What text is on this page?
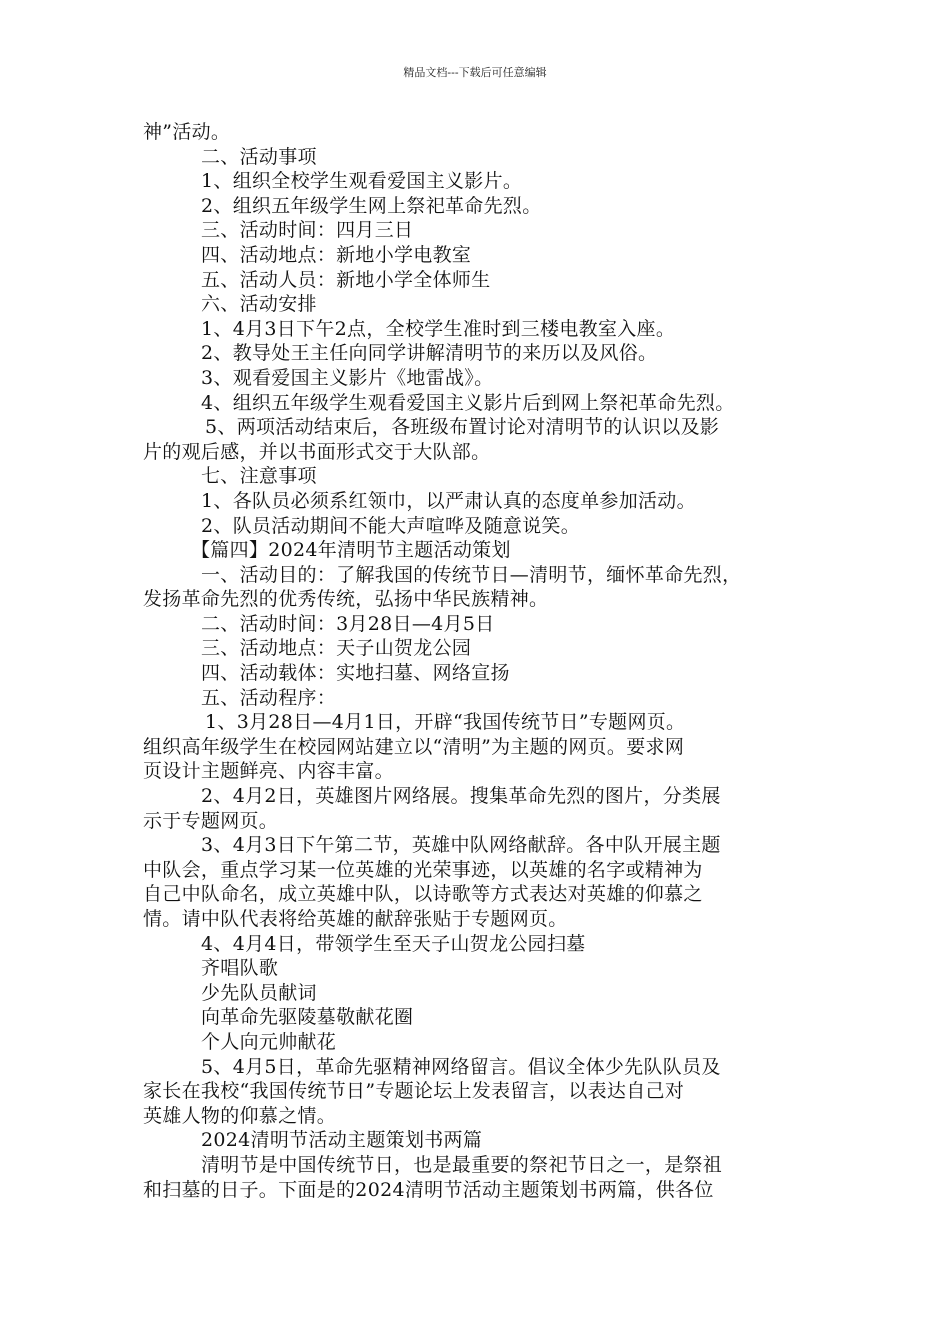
精品文档---下载后可任意编辑

神”活动。

二、活动事项

1、组织全校学生观看爱国主义影片。

2、组织五年级学生网上祭祀革命先烈。

三、活动时间：四月三日

四、活动地点：新地小学电教室

五、活动人员：新地小学全体师生

六、活动安排

1、4月3日下午2点，全校学生准时到三楼电教室入座。

2、教导处王主任向同学讲解清明节的来历以及风俗。

3、观看爱国主义影片《地雷战》。

4、组织五年级学生观看爱国主义影片后到网上祭祀革命先烈。

5、两项活动结束后，各班级布置讨论对清明节的认识以及影

片的观后感，并以书面形式交于大队部。

七、注意事项

1、各队员必须系红领巾，以严肃认真的态度单参加活动。

2、队员活动期间不能大声喧哗及随意说笑。

【篇四】2024年清明节主题活动策划

一、活动目的：了解我国的传统节日—清明节，缅怀革命先烈，

发扬革命先烈的优秀传统，弘扬中华民族精神。

二、活动时间：3月28日—4月5日

三、活动地点：天子山贺龙公园

四、活动载体：实地扫墓、网络宣扬

五、活动程序：

1、3月28日—4月1日，开辟“我国传统节日”专题网页。

组织高年级学生在校园网站建立以“清明”为主题的网页。要求网

页设计主题鲜亮、内容丰富。

2、4月2日，英雄图片网络展。搜集革命先烈的图片，分类展

示于专题网页。

3、4月3日下午第二节，英雄中队网络献辞。各中队开展主题

中队会，重点学习某一位英雄的光荣事迹，以英雄的名字或精神为

自己中队命名，成立英雄中队，以诗歌等方式表达对英雄的仰慕之

情。请中队代表将给英雄的献辞张贴于专题网页。

4、4月4日，带领学生至天子山贺龙公园扫墓

齐唱队歌

少先队员献词

向革命先驱陵墓敬献花圈

个人向元帅献花

5、4月5日，革命先驱精神网络留言。倡议全体少先队队员及

家长在我校“我国传统节日”专题论坛上发表留言，以表达自己对

英雄人物的仰慕之情。

2024清明节活动主题策划书两篇

清明节是中国传统节日，也是最重要的祭祀节日之一，是祭祖

和扫墓的日子。下面是的2024清明节活动主题策划书两篇，供各位
